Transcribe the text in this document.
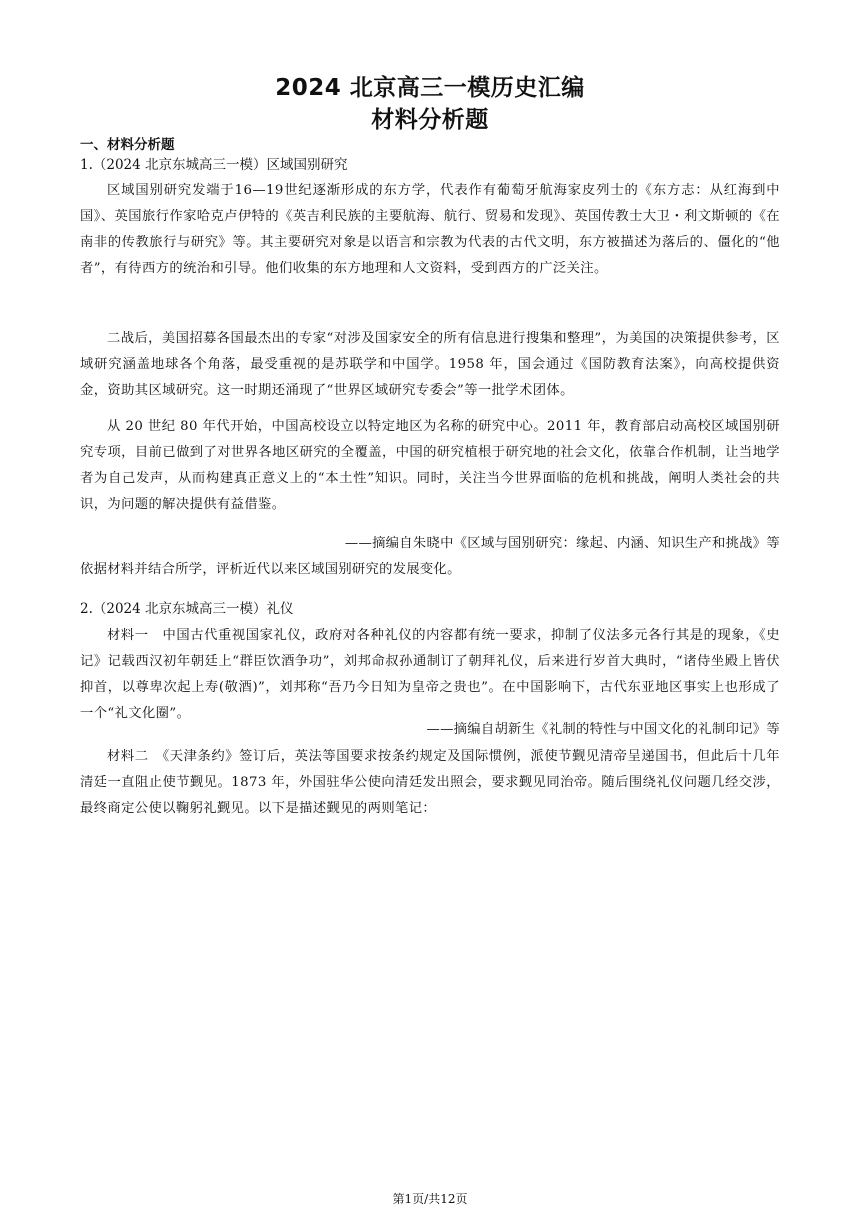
2024 北京高三一模历史汇编
材料分析题
一、材料分析题
1.（2024 北京东城高三一模）区域国别研究

区域国别研究发端于16—19世纪逐渐形成的东方学，代表作有葡萄牙航海家皮列士的《东方志：从红海到中国》、英国旅行作家哈克卢伊特的《英吉利民族的主要航海、航行、贸易和发现》、英国传教士大卫・利文斯顿的《在南非的传教旅行与研究》等。其主要研究对象是以语言和宗教为代表的古代文明，东方被描述为落后的、僵化的“他者”，有待西方的统治和引导。他们收集的东方地理和人文资料，受到西方的广泛关注。

二战后，美国招募各国最杰出的专家“对涉及国家安全的所有信息进行搜集和整理”，为美国的决策提供参考，区域研究涵盖地球各个角落，最受重视的是苏联学和中国学。1958 年，国会通过《国防教育法案》，向高校提供资金，资助其区域研究。这一时期还涌现了“世界区域研究专委会”等一批学术团体。

从 20 世纪 80 年代开始，中国高校设立以特定地区为名称的研究中心。2011 年，教育部启动高校区域国别研究专项，目前已做到了对世界各地区研究的全覆盖，中国的研究植根于研究地的社会文化，依靠合作机制，让当地学者为自己发声，从而构建真正意义上的“本土性”知识。同时，关注当今世界面临的危机和挑战，阐明人类社会的共识，为问题的解决提供有益借鉴。

——摘编自朱晓中《区域与国别研究：缘起、内涵、知识生产和挑战》等
依据材料并结合所学，评析近代以来区域国别研究的发展变化。
2.（2024 北京东城高三一模）礼仪

材料一　中国古代重视国家礼仪，政府对各种礼仪的内容都有统一要求，抑制了仪法多元各行其是的现象，《史记》记载西汉初年朝廷上“群臣饮酒争功”，刘邦命叔孙通制订了朝拜礼仪，后来进行岁首大典时，“诸侍坐殿上皆伏抑首，以尊卑次起上寿(敬酒)”，刘邦称“吾乃今日知为皇帝之贵也”。在中国影响下，古代东亚地区事实上也形成了一个“礼文化圈”。

——摘编自胡新生《礼制的特性与中国文化的礼制印记》等

材料二　《天津条约》签订后，英法等国要求按条约规定及国际惯例，派使节觐见清帝呈递国书，但此后十几年清廷一直阻止使节觐见。1873 年，外国驻华公使向清廷发出照会，要求觐见同治帝。随后围绕礼仪问题几经交涉，最终商定公使以鞠躬礼觐见。以下是描述觐见的两则笔记：

第1页/共12页
